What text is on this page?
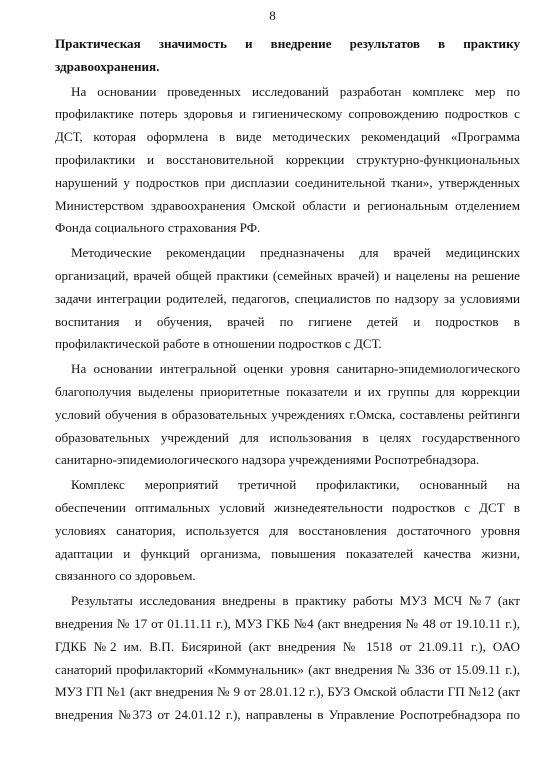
8
Практическая значимость и внедрение результатов в практику
здравоохранения.
На основании проведенных исследований разработан комплекс мер по
профилактике потерь здоровья и гигиеническому сопровождению подростков с
ДСТ, которая оформлена в виде методических рекомендаций «Программа
профилактики и восстановительной коррекции структурно-функциональных
нарушений у подростков при дисплазии соединительной ткани», утвержденных
Министерством здравоохранения Омской области и региональным отделением
Фонда социального страхования РФ.
Методические рекомендации предназначены для врачей медицинских
организаций, врачей общей практики (семейных врачей) и нацелены на решение
задачи интеграции родителей, педагогов, специалистов по надзору за условиями
воспитания и обучения, врачей по гигиене детей и подростков в
профилактической работе в отношении подростков с ДСТ.
На основании интегральной оценки уровня санитарно-эпидемиологического
благополучия выделены приоритетные показатели и их группы для коррекции
условий обучения в образовательных учреждениях г.Омска, составлены рейтинги
образовательных учреждений для использования в целях государственного
санитарно-эпидемиологического надзора учреждениями Роспотребнадзора.
Комплекс мероприятий третичной профилактики, основанный на
обеспечении оптимальных условий жизнедеятельности подростков с ДСТ в
условиях санатория, используется для восстановления достаточного уровня
адаптации и функций организма, повышения показателей качества жизни,
связанного со здоровьем.
Результаты исследования внедрены в практику работы МУЗ МСЧ №7 (акт
внедрения № 17 от 01.11.11 г.), МУЗ ГКБ №4 (акт внедрения № 48 от 19.10.11 г.),
ГДКБ №2 им. В.П. Бисяриной (акт внедрения № 1518 от 21.09.11 г.), ОАО
санаторий профилакторий «Коммунальник» (акт внедрения № 336 от 15.09.11 г.),
МУЗ ГП №1 (акт внедрения № 9 от 28.01.12 г.), БУЗ Омской области ГП №12 (акт
внедрения №373 от 24.01.12 г.), направлены в Управление Роспотребнадзора по
